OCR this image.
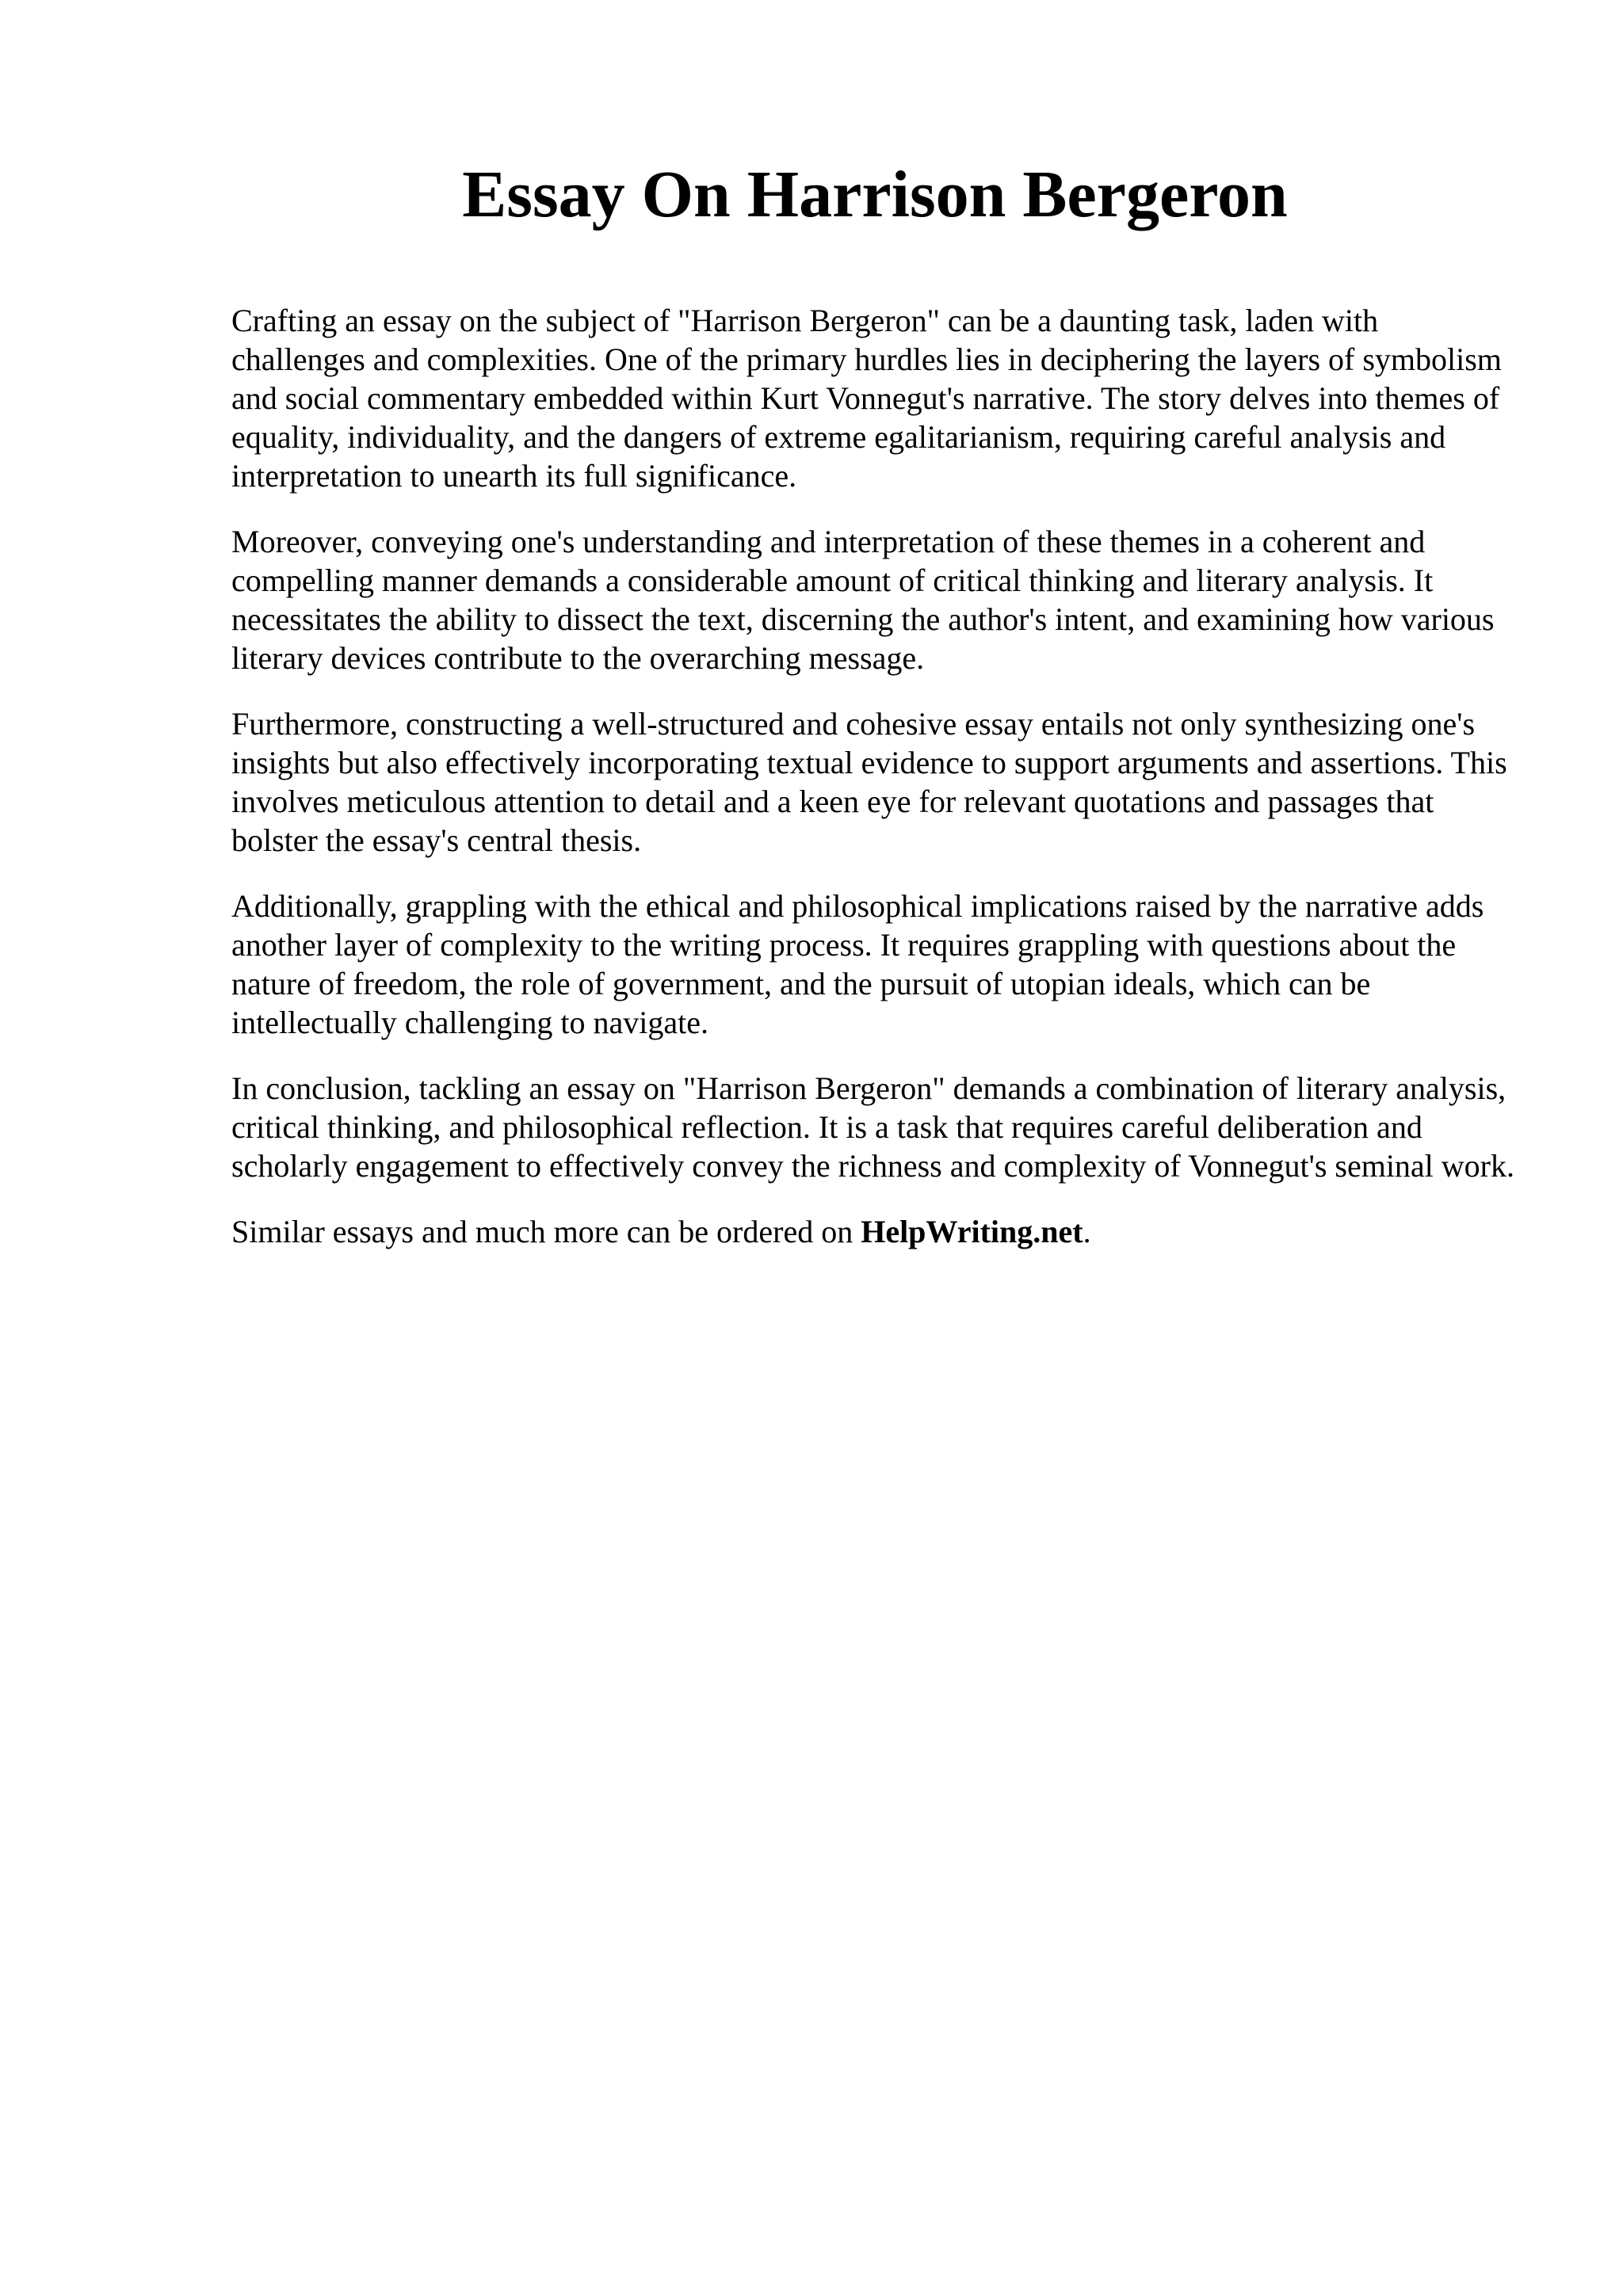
Essay On Harrison Bergeron

Crafting an essay on the subject of "Harrison Bergeron" can be a daunting task, laden with challenges and complexities. One of the primary hurdles lies in deciphering the layers of symbolism and social commentary embedded within Kurt Vonnegut's narrative. The story delves into themes of equality, individuality, and the dangers of extreme egalitarianism, requiring careful analysis and interpretation to unearth its full significance.

Moreover, conveying one's understanding and interpretation of these themes in a coherent and compelling manner demands a considerable amount of critical thinking and literary analysis. It necessitates the ability to dissect the text, discerning the author's intent, and examining how various literary devices contribute to the overarching message.

Furthermore, constructing a well-structured and cohesive essay entails not only synthesizing one's insights but also effectively incorporating textual evidence to support arguments and assertions. This involves meticulous attention to detail and a keen eye for relevant quotations and passages that bolster the essay's central thesis.

Additionally, grappling with the ethical and philosophical implications raised by the narrative adds another layer of complexity to the writing process. It requires grappling with questions about the nature of freedom, the role of government, and the pursuit of utopian ideals, which can be intellectually challenging to navigate.

In conclusion, tackling an essay on "Harrison Bergeron" demands a combination of literary analysis, critical thinking, and philosophical reflection. It is a task that requires careful deliberation and scholarly engagement to effectively convey the richness and complexity of Vonnegut's seminal work.

Similar essays and much more can be ordered on HelpWriting.net.
